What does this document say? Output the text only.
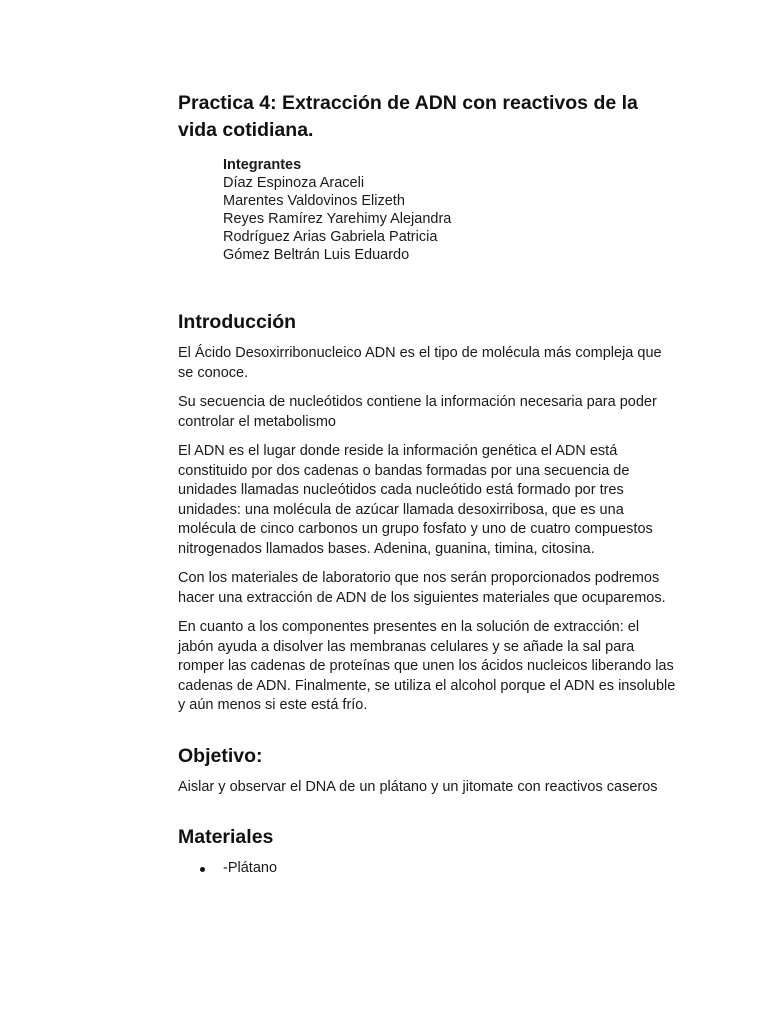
Practica 4: Extracción de ADN con reactivos de la vida cotidiana.
Integrantes
Díaz Espinoza Araceli
Marentes Valdovinos Elizeth
Reyes Ramírez Yarehimy Alejandra
Rodríguez Arias Gabriela Patricia
Gómez Beltrán Luis Eduardo
Introducción

El Ácido Desoxirribonucleico ADN es el tipo de molécula más compleja que se conoce.

Su secuencia de nucleótidos contiene la información necesaria para poder controlar el metabolismo

El ADN es el lugar donde reside la información genética el ADN está constituido por dos cadenas o bandas formadas por una secuencia de unidades llamadas nucleótidos cada nucleótido está formado por tres unidades: una molécula de azúcar llamada desoxirribosa, que es una molécula de cinco carbonos un grupo fosfato y uno de cuatro compuestos nitrogenados llamados bases. Adenina, guanina, timina, citosina.

Con los materiales de laboratorio que nos serán proporcionados podremos hacer una extracción de ADN de los siguientes materiales que ocuparemos.

En cuanto a los componentes presentes en la solución de extracción: el jabón ayuda a disolver las membranas celulares y se añade la sal para romper las cadenas de proteínas que unen los ácidos nucleicos liberando las cadenas de ADN. Finalmente, se utiliza el alcohol porque el ADN es insoluble y aún menos si este está frío.

Objetivo:

Aislar y observar el DNA de un plátano y un jitomate con reactivos caseros

Materiales
-Plátano
